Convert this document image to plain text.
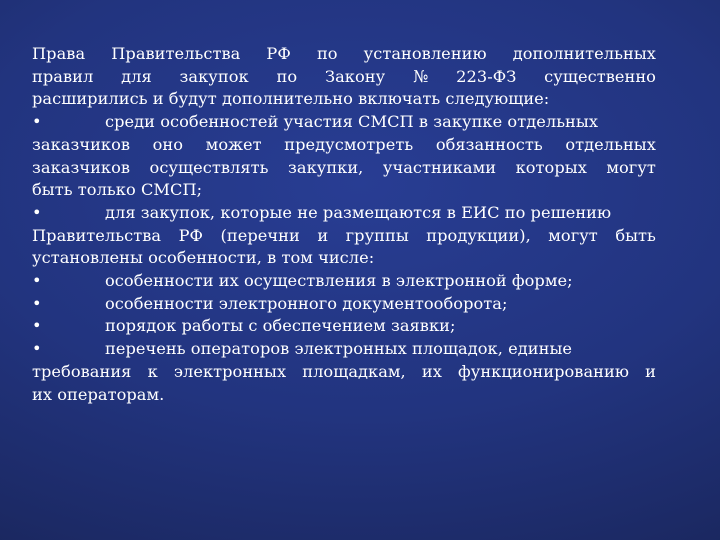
Права Правительства РФ по установлению дополнительных
правил для закупок по Закону № 223-ФЗ существенно
расширились и будут дополнительно включать следующие:
•	среди особенностей участия СМСП в закупке отдельных
заказчиков оно может предусмотреть обязанность отдельных
заказчиков осуществлять закупки, участниками которых могут
быть только СМСП;
•	для закупок, которые не размещаются в ЕИС по решению
Правительства РФ (перечни и группы продукции), могут быть
установлены особенности, в том числе:
•	особенности их осуществления в электронной форме;
•	особенности электронного документооборота;
•	порядок работы с обеспечением заявки;
•	перечень операторов электронных площадок, единые
требования к электронных площадкам, их функционированию и
их операторам.
